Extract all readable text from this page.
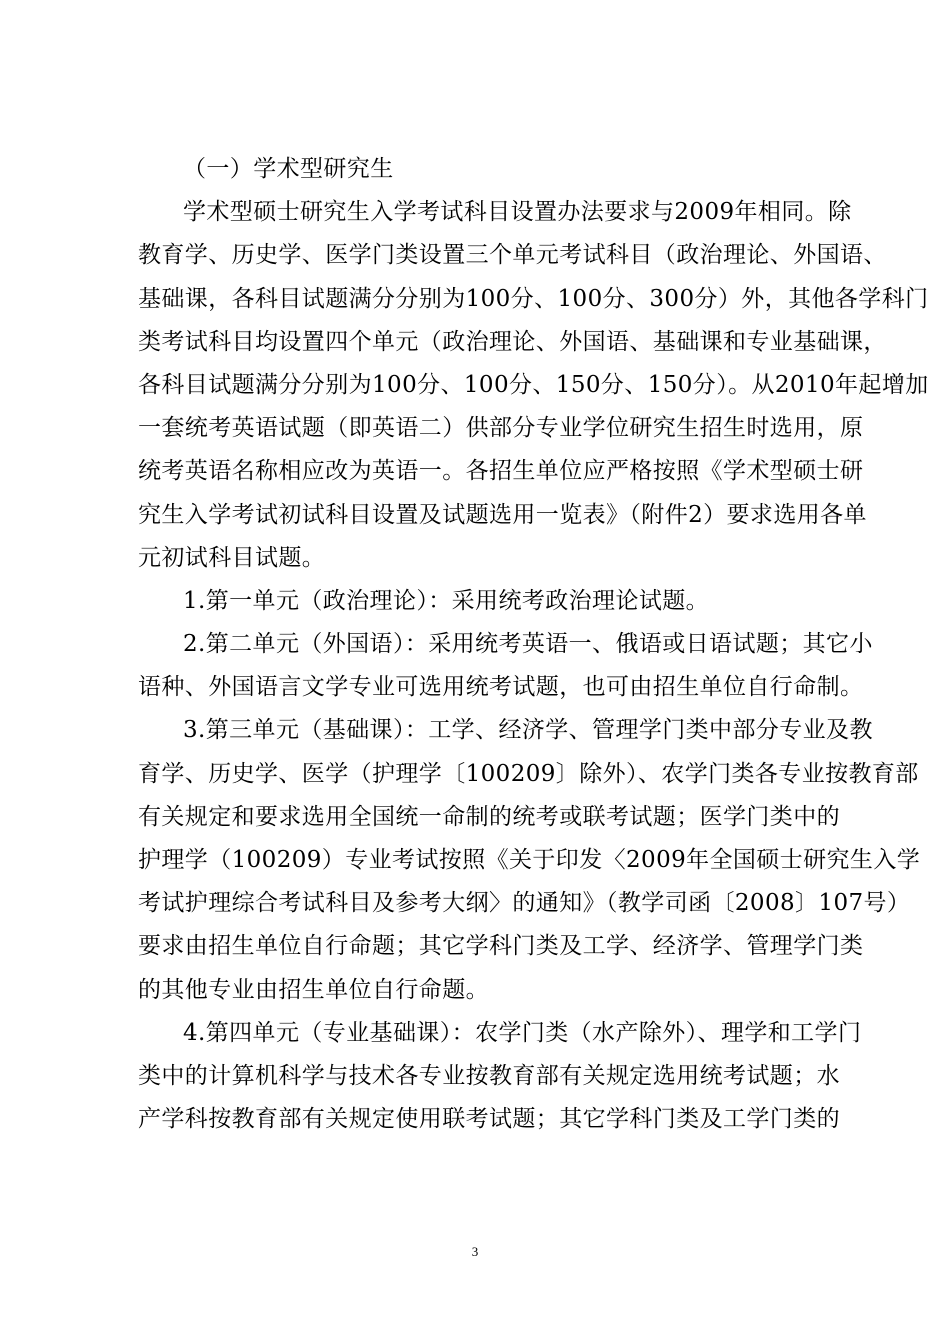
（一）学术型研究生
学术型硕士研究生入学考试科目设置办法要求与2009年相同。除
教育学、历史学、医学门类设置三个单元考试科目（政治理论、外国语、
基础课，各科目试题满分分别为100分、100分、300分）外，其他各学科门
类考试科目均设置四个单元（政治理论、外国语、基础课和专业基础课，
各科目试题满分分别为100分、100分、150分、150分）。从2010年起增加
一套统考英语试题（即英语二）供部分专业学位研究生招生时选用，原
统考英语名称相应改为英语一。各招生单位应严格按照《学术型硕士研
究生入学考试初试科目设置及试题选用一览表》（附件2）要求选用各单
元初试科目试题。
1.第一单元（政治理论）：采用统考政治理论试题。
2.第二单元（外国语）：采用统考英语一、俄语或日语试题；其它小
语种、外国语言文学专业可选用统考试题，也可由招生单位自行命制。
3.第三单元（基础课）：工学、经济学、管理学门类中部分专业及教
育学、历史学、医学（护理学〔100209〕除外）、农学门类各专业按教育部
有关规定和要求选用全国统一命制的统考或联考试题；医学门类中的
护理学（100209）专业考试按照《关于印发〈2009年全国硕士研究生入学
考试护理综合考试科目及参考大纲〉的通知》（教学司函〔2008〕107号）
要求由招生单位自行命题；其它学科门类及工学、经济学、管理学门类
的其他专业由招生单位自行命题。
4.第四单元（专业基础课）：农学门类（水产除外）、理学和工学门
类中的计算机科学与技术各专业按教育部有关规定选用统考试题；水
产学科按教育部有关规定使用联考试题；其它学科门类及工学门类的
3
